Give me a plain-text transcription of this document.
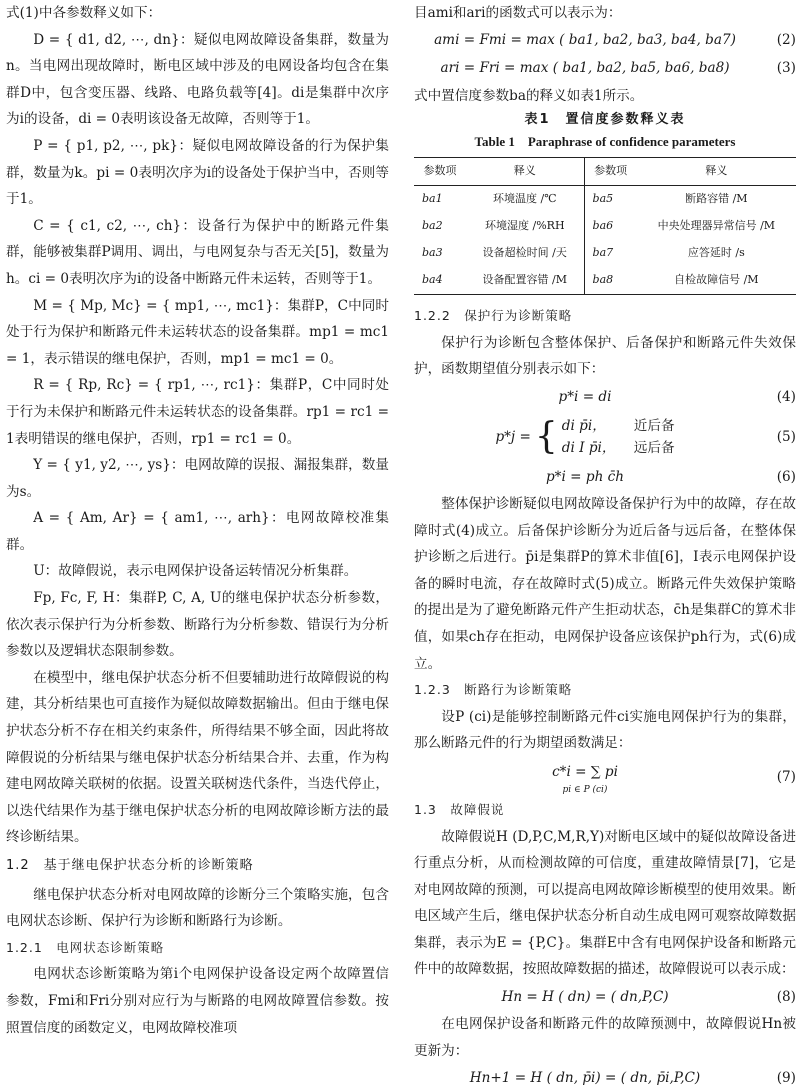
式(1)中各参数释义如下：

D = { d1, d2, ⋯, dn}：疑似电网故障设备集群，数量为n。当电网出现故障时，断电区域中涉及的电网设备均包含在集群D中，包含变压器、线路、电路负载等[4]。di是集群中次序为i的设备，di = 0表明该设备无故障，否则等于1。

P = { p1, p2, ⋯, pk}：疑似电网故障设备的行为保护集群，数量为k。pi = 0表明次序为i的设备处于保护当中，否则等于1。

C = { c1, c2, ⋯, ch}：设备行为保护中的断路元件集群，能够被集群P调用、调出，与电网复杂与否无关[5]，数量为h。ci = 0表明次序为i的设备中断路元件未运转，否则等于1。

M = { Mp, Mc} = { mp1, ⋯, mc1}：集群P，C中同时处于行为保护和断路元件未运转状态的设备集群。mp1 = mc1 = 1，表示错误的继电保护，否则，mp1 = mc1 = 0。

R = { Rp, Rc} = { rp1, ⋯, rc1}：集群P，C中同时处于行为未保护和断路元件未运转状态的设备集群。rp1 = rc1 = 1表明错误的继电保护，否则，rp1 = rc1 = 0。

Y = { y1, y2, ⋯, ys}：电网故障的误报、漏报集群，数量为s。

A = { Am, Ar} = { am1, ⋯, arh}：电网故障校准集群。

U：故障假说，表示电网保护设备运转情况分析集群。

Fp, Fc, F, H：集群P, C, A, U的继电保护状态分析参数，依次表示保护行为分析参数、断路行为分析参数、错误行为分析参数以及逻辑状态限制参数。

在模型中，继电保护状态分析不但要辅助进行故障假说的构建，其分析结果也可直接作为疑似故障数据输出。但由于继电保护状态分析不存在相关约束条件，所得结果不够全面，因此将故障假说的分析结果与继电保护状态分析结果合并、去重，作为构建电网故障关联树的依据。设置关联树迭代条件，当迭代停止，以迭代结果作为基于继电保护状态分析的电网故障诊断方法的最终诊断结果。

1.2　基于继电保护状态分析的诊断策略

继电保护状态分析对电网故障的诊断分三个策略实施，包含电网状态诊断、保护行为诊断和断路行为诊断。

1.2.1　电网状态诊断策略

电网状态诊断策略为第i个电网保护设备设定两个故障置信参数，Fmi和Fri分别对应行为与断路的电网故障置信参数。按照置信度的函数定义，电网故障校准项

目ami和ari的函数式可以表示为：

ami = Fmi = max ( ba1, ba2, ba3, ba4, ba7)	(2)
ari = Fri = max ( ba1, ba2, ba5, ba6, ba8)	(3)

式中置信度参数ba的释义如表1所示。

表1　置信度参数释义表
Table 1　Paraphrase of confidence parameters
参数项	释义	参数项	释义
ba1	环境温度 /℃	ba5	断路容错 /M
ba2	环境湿度 /%RH	ba6	中央处理器异常信号 /M
ba3	设备超检时间 /天	ba7	应答延时 /s
ba4	设备配置容错 /M	ba8	自检故障信号 /M
1.2.2　保护行为诊断策略

保护行为诊断包含整体保护、后备保护和断路元件失效保护，函数期望值分别表示如下：

p*i = di	(4)
p*j = { di p̄i， 近后备
di I p̄i， 远后备
(5)
p*i = ph c̄h	(6)

整体保护诊断疑似电网故障设备保护行为中的故障，存在故障时式(4)成立。后备保护诊断分为近后备与远后备，在整体保护诊断之后进行。p̄i是集群P的算术非值[6]，I表示电网保护设备的瞬时电流，存在故障时式(5)成立。断路元件失效保护策略的提出是为了避免断路元件产生拒动状态，c̄h是集群C的算术非值，如果ch存在拒动，电网保护设备应该保护ph行为，式(6)成立。

1.2.3　断路行为诊断策略

设P (ci)是能够控制断路元件ci实施电网保护行为的集群，那么断路元件的行为期望函数满足：

c*i = ∑ pi
pi ∈ P (ci)
(7)
1.3　故障假说

故障假说H (D,P,C,M,R,Y)对断电区域中的疑似故障设备进行重点分析，从而检测故障的可信度，重建故障情景[7]，它是对电网故障的预测，可以提高电网故障诊断模型的使用效果。断电区域产生后，继电保护状态分析自动生成电网可观察故障数据集群，表示为E = {P,C}。集群E中含有电网保护设备和断路元件中的故障数据，按照故障数据的描述，故障假说可以表示成：

Hn = H ( dn) = ( dn,P,C)	(8)

在电网保护设备和断路元件的故障预测中，故障假说Hn被更新为：

Hn+1 = H ( dn, p̄i) = ( dn, p̄i,P,C)	(9)
